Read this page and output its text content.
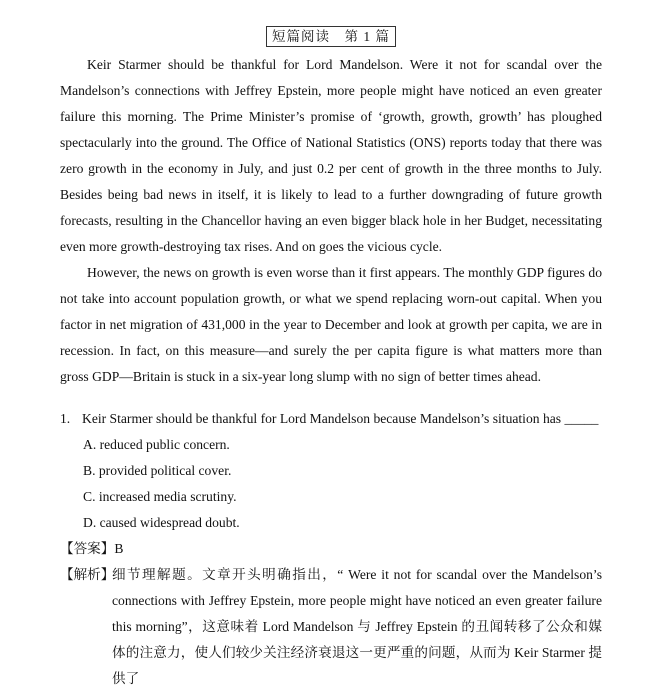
短篇阅读　第 1 篇

Keir Starmer should be thankful for Lord Mandelson. Were it not for scandal over the Mandelson’s connections with Jeffrey Epstein, more people might have noticed an even greater failure this morning. The Prime Minister’s promise of ‘growth, growth, growth’ has ploughed spectacularly into the ground. The Office of National Statistics (ONS) reports today that there was zero growth in the economy in July, and just 0.2 per cent of growth in the three months to July. Besides being bad news in itself, it is likely to lead to a further downgrading of future growth forecasts, resulting in the Chancellor having an even bigger black hole in her Budget, necessitating even more growth-destroying tax rises. And on goes the vicious cycle.

However, the news on growth is even worse than it first appears. The monthly GDP figures do not take into account population growth, or what we spend replacing worn-out capital. When you factor in net migration of 431,000 in the year to December and look at growth per capita, we are in recession. In fact, on this measure—and surely the per capita figure is what matters more than gross GDP—Britain is stuck in a six-year long slump with no sign of better times ahead.

1. Keir Starmer should be thankful for Lord Mandelson because Mandelson’s situation has _____
A. reduced public concern.
B. provided political cover.
C. increased media scrutiny.
D. caused widespread doubt.
【答案】B
【解析】
细节理解题。文章开头明确指出，“ Were it not for scandal over the Mandelson’s connections with Jeffrey Epstein, more people might have noticed an even greater failure this morning”，这意味着 Lord Mandelson 与 Jeffrey Epstein 的丑闻转移了公众和媒体的注意力，使人们较少关注经济衰退这一更严重的问题，从而为 Keir Starmer 提供了
